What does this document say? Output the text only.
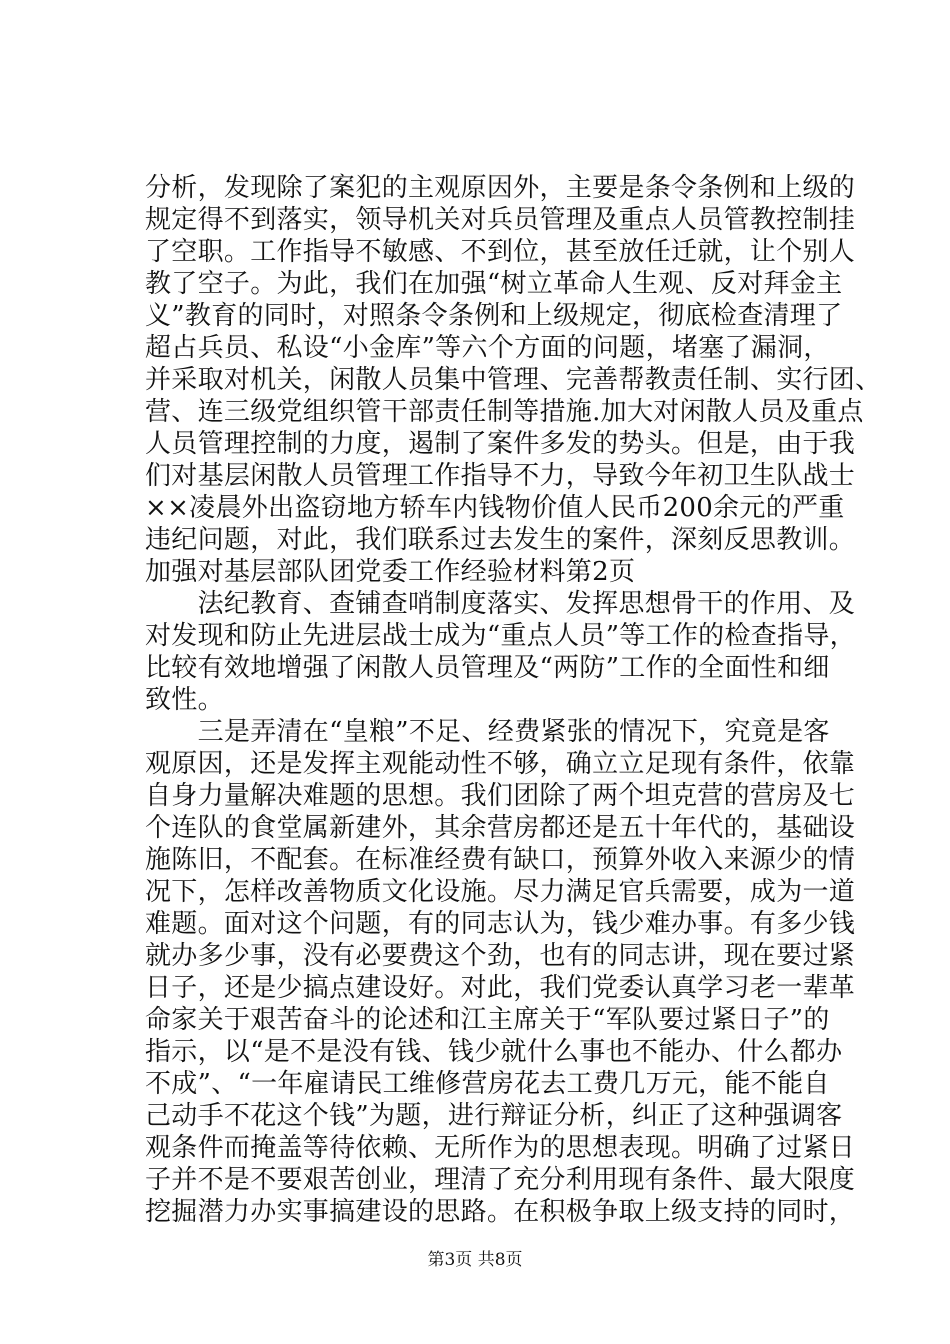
分析，发现除了案犯的主观原因外，主要是条令条例和上级的
规定得不到落实，领导机关对兵员管理及重点人员管教控制挂
了空职。工作指导不敏感、不到位，甚至放任迁就，让个别人
教了空子。为此，我们在加强“树立革命人生观、反对拜金主
义”教育的同时，对照条令条例和上级规定，彻底检查清理了
超占兵员、私设“小金库”等六个方面的问题，堵塞了漏洞，
并采取对机关，闲散人员集中管理、完善帮教责任制、实行团、
营、连三级党组织管干部责任制等措施.加大对闲散人员及重点
人员管理控制的力度，遏制了案件多发的势头。但是，由于我
们对基层闲散人员管理工作指导不力，导致今年初卫生队战士
××凌晨外出盗窃地方轿车内钱物价值人民币200余元的严重
违纪问题，对此，我们联系过去发生的案件，深刻反思教训。
加强对基层部队团党委工作经验材料第2页
　　法纪教育、查铺查哨制度落实、发挥思想骨干的作用、及
对发现和防止先进层战士成为“重点人员”等工作的检查指导，
比较有效地增强了闲散人员管理及“两防”工作的全面性和细
致性。
　　三是弄清在“皇粮”不足、经费紧张的情况下，究竟是客
观原因，还是发挥主观能动性不够，确立立足现有条件，依靠
自身力量解决难题的思想。我们团除了两个坦克营的营房及七
个连队的食堂属新建外，其余营房都还是五十年代的，基础设
施陈旧，不配套。在标准经费有缺口，预算外收入来源少的情
况下，怎样改善物质文化设施。尽力满足官兵需要，成为一道
难题。面对这个问题，有的同志认为，钱少难办事。有多少钱
就办多少事，没有必要费这个劲，也有的同志讲，现在要过紧
日子，还是少搞点建设好。对此，我们党委认真学习老一辈革
命家关于艰苦奋斗的论述和江主席关于“军队要过紧日子”的
指示，以“是不是没有钱、钱少就什么事也不能办、什么都办
不成”、“一年雇请民工维修营房花去工费几万元，能不能自
己动手不花这个钱”为题，进行辩证分析，纠正了这种强调客
观条件而掩盖等待依赖、无所作为的思想表现。明确了过紧日
子并不是不要艰苦创业，理清了充分利用现有条件、最大限度
挖掘潜力办实事搞建设的思路。在积极争取上级支持的同时，
第3页 共8页
